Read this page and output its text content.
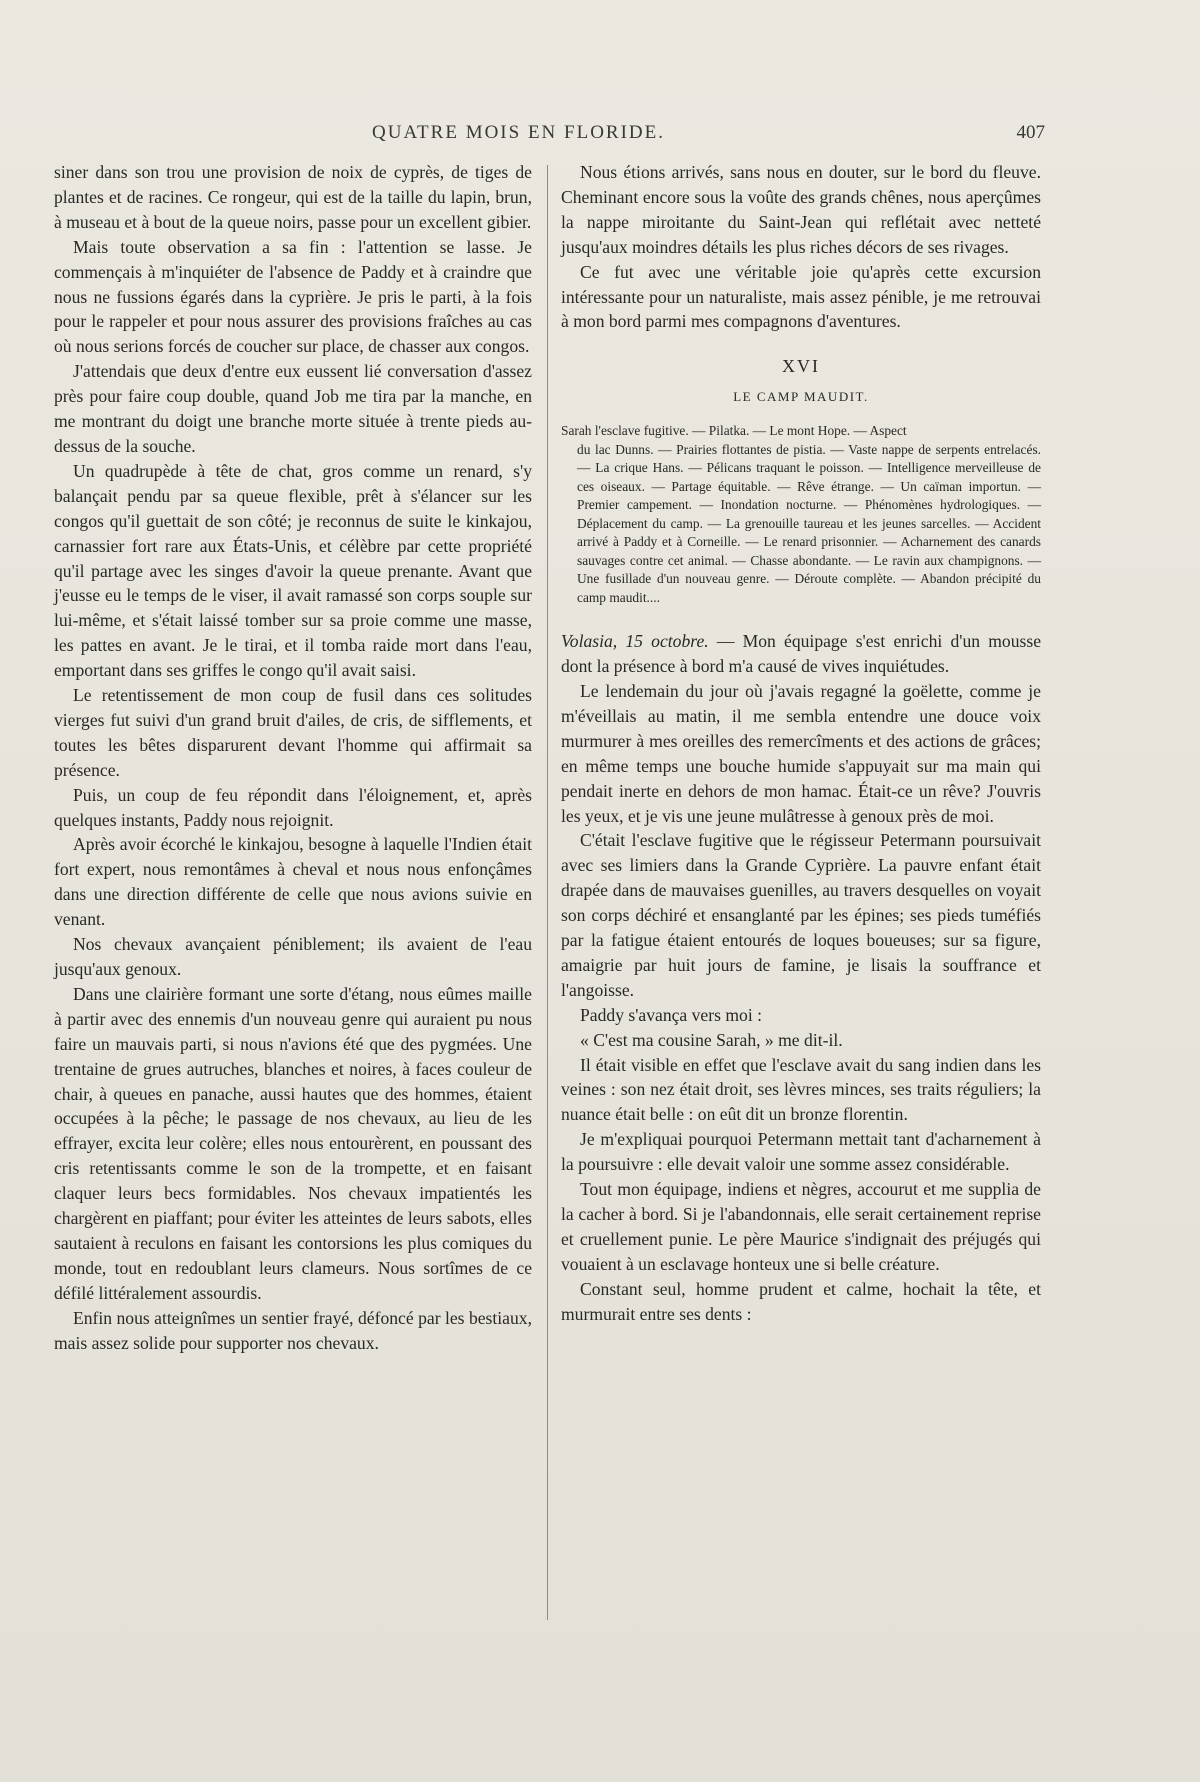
QUATRE MOIS EN FLORIDE.	407

siner dans son trou une provision de noix de cyprès, de tiges de plantes et de racines. Ce rongeur, qui est de la taille du lapin, brun, à museau et à bout de la queue noirs, passe pour un excellent gibier.

Mais toute observation a sa fin : l'attention se lasse. Je commençais à m'inquiéter de l'absence de Paddy et à craindre que nous ne fussions égarés dans la cyprière. Je pris le parti, à la fois pour le rappeler et pour nous assurer des provisions fraîches au cas où nous serions forcés de coucher sur place, de chasser aux congos.

J'attendais que deux d'entre eux eussent lié conversation d'assez près pour faire coup double, quand Job me tira par la manche, en me montrant du doigt une branche morte située à trente pieds au-dessus de la souche.

Un quadrupède à tête de chat, gros comme un renard, s'y balançait pendu par sa queue flexible, prêt à s'élancer sur les congos qu'il guettait de son côté; je reconnus de suite le kinkajou, carnassier fort rare aux États-Unis, et célèbre par cette propriété qu'il partage avec les singes d'avoir la queue prenante. Avant que j'eusse eu le temps de le viser, il avait ramassé son corps souple sur lui-même, et s'était laissé tomber sur sa proie comme une masse, les pattes en avant. Je le tirai, et il tomba raide mort dans l'eau, emportant dans ses griffes le congo qu'il avait saisi.

Le retentissement de mon coup de fusil dans ces solitudes vierges fut suivi d'un grand bruit d'ailes, de cris, de sifflements, et toutes les bêtes disparurent devant l'homme qui affirmait sa présence.

Puis, un coup de feu répondit dans l'éloignement, et, après quelques instants, Paddy nous rejoignit.

Après avoir écorché le kinkajou, besogne à laquelle l'Indien était fort expert, nous remontâmes à cheval et nous nous enfonçâmes dans une direction différente de celle que nous avions suivie en venant.

Nos chevaux avançaient péniblement; ils avaient de l'eau jusqu'aux genoux.

Dans une clairière formant une sorte d'étang, nous eûmes maille à partir avec des ennemis d'un nouveau genre qui auraient pu nous faire un mauvais parti, si nous n'avions été que des pygmées. Une trentaine de grues autruches, blanches et noires, à faces couleur de chair, à queues en panache, aussi hautes que des hommes, étaient occupées à la pêche; le passage de nos chevaux, au lieu de les effrayer, excita leur colère; elles nous entourèrent, en poussant des cris retentissants comme le son de la trompette, et en faisant claquer leurs becs formidables. Nos chevaux impatientés les chargèrent en piaffant; pour éviter les atteintes de leurs sabots, elles sautaient à reculons en faisant les contorsions les plus comiques du monde, tout en redoublant leurs clameurs. Nous sortîmes de ce défilé littéralement assourdis.

Enfin nous atteignîmes un sentier frayé, défoncé par les bestiaux, mais assez solide pour supporter nos chevaux.

Nous étions arrivés, sans nous en douter, sur le bord du fleuve. Cheminant encore sous la voûte des grands chênes, nous aperçûmes la nappe miroitante du Saint-Jean qui reflétait avec netteté jusqu'aux moindres détails les plus riches décors de ses rivages.

Ce fut avec une véritable joie qu'après cette excursion intéressante pour un naturaliste, mais assez pénible, je me retrouvai à mon bord parmi mes compagnons d'aventures.

XVI
LE CAMP MAUDIT.
Sarah l'esclave fugitive. — Pilatka. — Le mont Hope. — Aspect
du lac Dunns. — Prairies flottantes de pistia. — Vaste nappe de serpents entrelacés. — La crique Hans. — Pélicans traquant le poisson. — Intelligence merveilleuse de ces oiseaux. — Partage équitable. — Rêve étrange. — Un caïman importun. — Premier campement. — Inondation nocturne. — Phénomènes hydrologiques. — Déplacement du camp. — La grenouille taureau et les jeunes sarcelles. — Accident arrivé à Paddy et à Corneille. — Le renard prisonnier. — Acharnement des canards sauvages contre cet animal. — Chasse abondante. — Le ravin aux champignons. — Une fusillade d'un nouveau genre. — Déroute complète. — Abandon précipité du camp maudit....

Volasia, 15 octobre. — Mon équipage s'est enrichi d'un mousse dont la présence à bord m'a causé de vives inquiétudes.

Le lendemain du jour où j'avais regagné la goëlette, comme je m'éveillais au matin, il me sembla entendre une douce voix murmurer à mes oreilles des remercîments et des actions de grâces; en même temps une bouche humide s'appuyait sur ma main qui pendait inerte en dehors de mon hamac. Était-ce un rêve? J'ouvris les yeux, et je vis une jeune mulâtresse à genoux près de moi.

C'était l'esclave fugitive que le régisseur Petermann poursuivait avec ses limiers dans la Grande Cyprière. La pauvre enfant était drapée dans de mauvaises guenilles, au travers desquelles on voyait son corps déchiré et ensanglanté par les épines; ses pieds tuméfiés par la fatigue étaient entourés de loques boueuses; sur sa figure, amaigrie par huit jours de famine, je lisais la souffrance et l'angoisse.

Paddy s'avança vers moi :

« C'est ma cousine Sarah, » me dit-il.

Il était visible en effet que l'esclave avait du sang indien dans les veines : son nez était droit, ses lèvres minces, ses traits réguliers; la nuance était belle : on eût dit un bronze florentin.

Je m'expliquai pourquoi Petermann mettait tant d'acharnement à la poursuivre : elle devait valoir une somme assez considérable.

Tout mon équipage, indiens et nègres, accourut et me supplia de la cacher à bord. Si je l'abandonnais, elle serait certainement reprise et cruellement punie. Le père Maurice s'indignait des préjugés qui vouaient à un esclavage honteux une si belle créature.

Constant seul, homme prudent et calme, hochait la tête, et murmurait entre ses dents :
